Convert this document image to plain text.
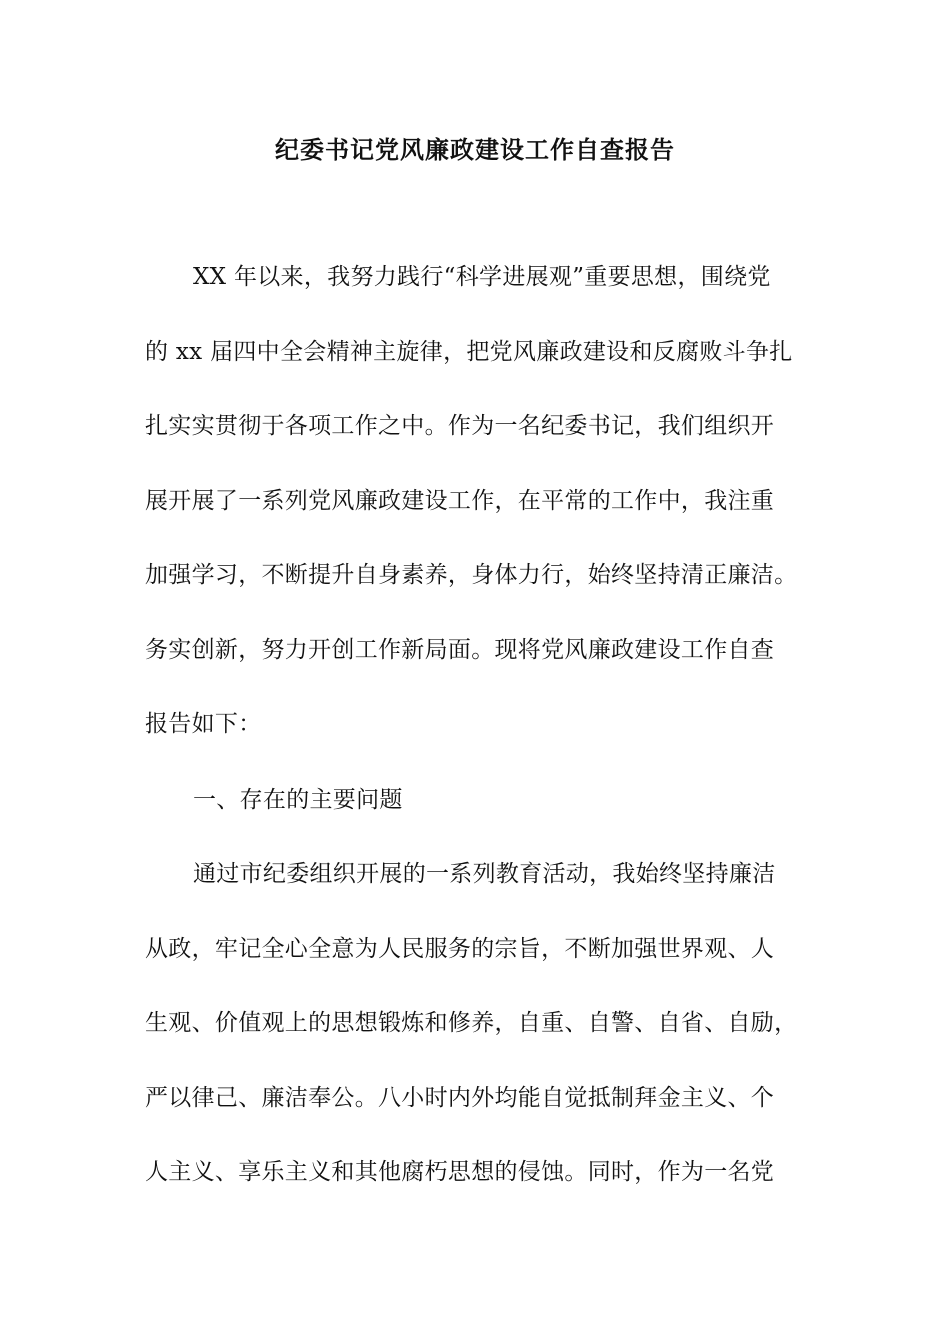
纪委书记党风廉政建设工作自查报告
XX 年以来，我努力践行“科学进展观”重要思想，围绕党
的 xx 届四中全会精神主旋律，把党风廉政建设和反腐败斗争扎
扎实实贯彻于各项工作之中。作为一名纪委书记，我们组织开
展开展了一系列党风廉政建设工作，在平常的工作中，我注重
加强学习，不断提升自身素养，身体力行，始终坚持清正廉洁。
务实创新，努力开创工作新局面。现将党风廉政建设工作自查
报告如下：
一、存在的主要问题
通过市纪委组织开展的一系列教育活动，我始终坚持廉洁
从政，牢记全心全意为人民服务的宗旨，不断加强世界观、人
生观、价值观上的思想锻炼和修养，自重、自警、自省、自励，
严以律己、廉洁奉公。八小时内外均能自觉抵制拜金主义、个
人主义、享乐主义和其他腐朽思想的侵蚀。同时，作为一名党
